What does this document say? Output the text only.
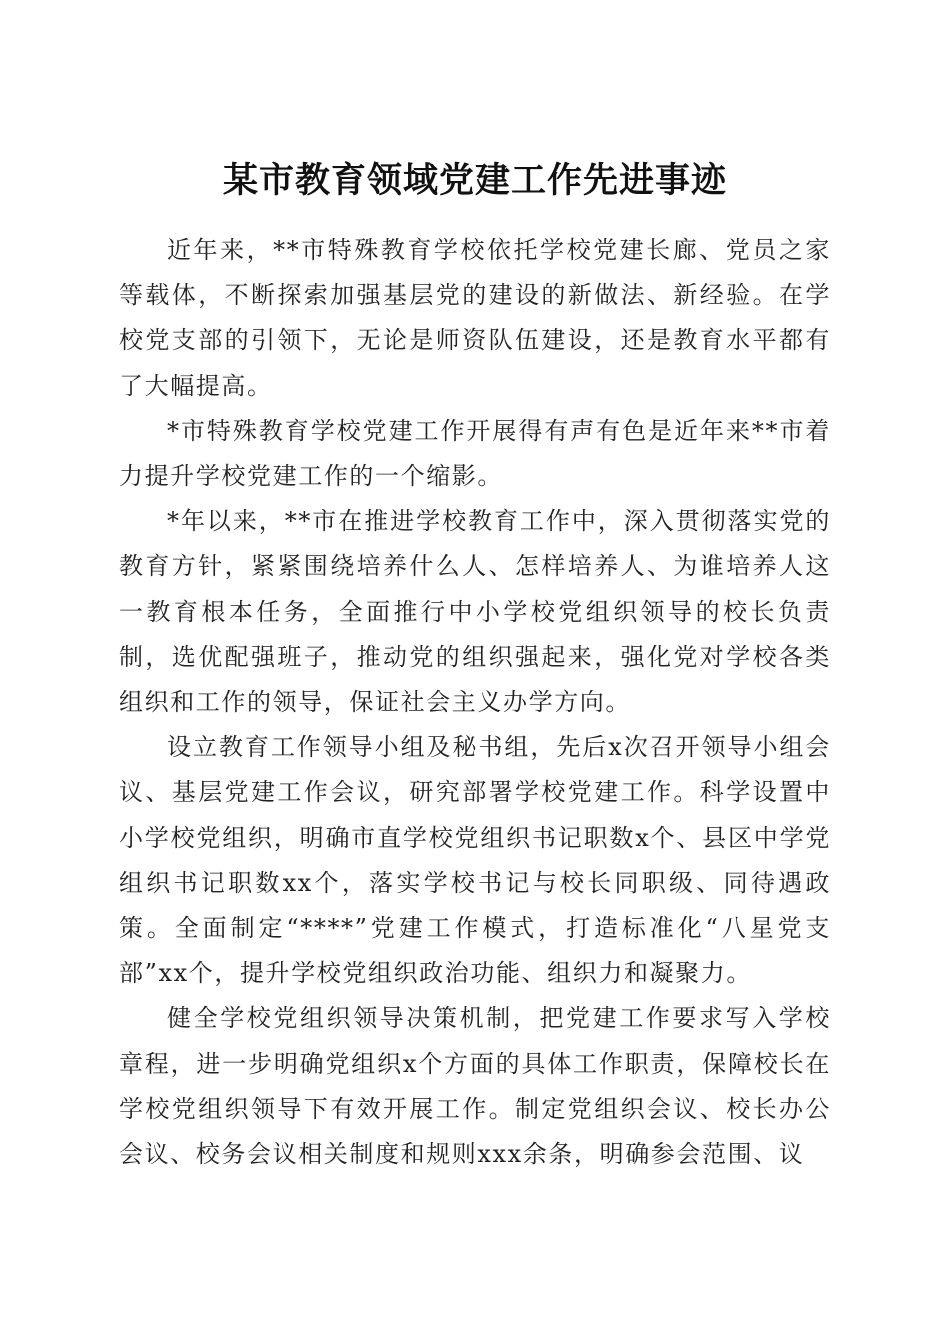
某市教育领域党建工作先进事迹

近年来，**市特殊教育学校依托学校党建长廊、党员之家等载体，不断探索加强基层党的建设的新做法、新经验。在学校党支部的引领下，无论是师资队伍建设，还是教育水平都有了大幅提高。

*市特殊教育学校党建工作开展得有声有色是近年来**市着力提升学校党建工作的一个缩影。

*年以来，**市在推进学校教育工作中，深入贯彻落实党的教育方针，紧紧围绕培养什么人、怎样培养人、为谁培养人这一教育根本任务，全面推行中小学校党组织领导的校长负责制，选优配强班子，推动党的组织强起来，强化党对学校各类组织和工作的领导，保证社会主义办学方向。

设立教育工作领导小组及秘书组，先后x次召开领导小组会议、基层党建工作会议，研究部署学校党建工作。科学设置中小学校党组织，明确市直学校党组织书记职数x个、县区中学党组织书记职数xx个，落实学校书记与校长同职级、同待遇政策。全面制定“****”党建工作模式，打造标准化“八星党支部”xx个，提升学校党组织政治功能、组织力和凝聚力。

健全学校党组织领导决策机制，把党建工作要求写入学校章程，进一步明确党组织x个方面的具体工作职责，保障校长在学校党组织领导下有效开展工作。制定党组织会议、校长办公会议、校务会议相关制度和规则xxx余条，明确参会范围、议
